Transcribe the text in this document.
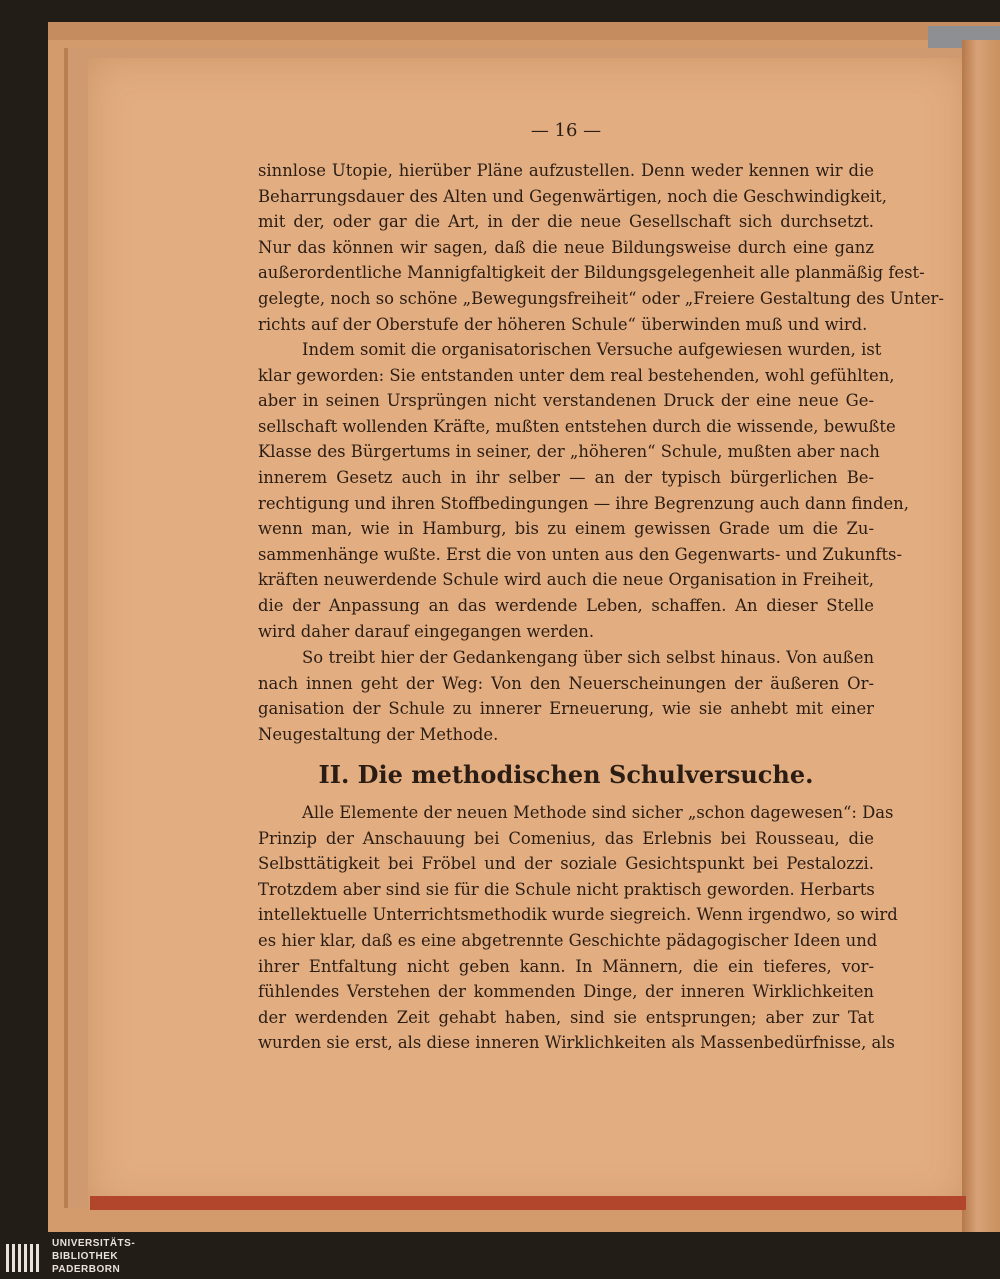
— 16 —
sinnlose Utopie, hierüber Pläne aufzustellen. Denn weder kennen wir die
Beharrungsdauer des Alten und Gegenwärtigen, noch die Geschwindigkeit,
mit der, oder gar die Art, in der die neue Gesellschaft sich durchsetzt.
Nur das können wir sagen, daß die neue Bildungsweise durch eine ganz
außerordentliche Mannigfaltigkeit der Bildungsgelegenheit alle planmäßig fest-
gelegte, noch so schöne „Bewegungsfreiheit“ oder „Freiere Gestaltung des Unter-
richts auf der Oberstufe der höheren Schule“ überwinden muß und wird.
Indem somit die organisatorischen Versuche aufgewiesen wurden, ist
klar geworden: Sie entstanden unter dem real bestehenden, wohl gefühlten,
aber in seinen Ursprüngen nicht verstandenen Druck der eine neue Ge-
sellschaft wollenden Kräfte, mußten entstehen durch die wissende, bewußte
Klasse des Bürgertums in seiner, der „höheren“ Schule, mußten aber nach
innerem Gesetz auch in ihr selber — an der typisch bürgerlichen Be-
rechtigung und ihren Stoffbedingungen — ihre Begrenzung auch dann finden,
wenn man, wie in Hamburg, bis zu einem gewissen Grade um die Zu-
sammenhänge wußte. Erst die von unten aus den Gegenwarts- und Zukunfts-
kräften neuwerdende Schule wird auch die neue Organisation in Freiheit,
die der Anpassung an das werdende Leben, schaffen. An dieser Stelle
wird daher darauf eingegangen werden.
So treibt hier der Gedankengang über sich selbst hinaus. Von außen
nach innen geht der Weg: Von den Neuerscheinungen der äußeren Or-
ganisation der Schule zu innerer Erneuerung, wie sie anhebt mit einer
Neugestaltung der Methode.
II. Die methodischen Schulversuche.
Alle Elemente der neuen Methode sind sicher „schon dagewesen“: Das
Prinzip der Anschauung bei Comenius, das Erlebnis bei Rousseau, die
Selbsttätigkeit bei Fröbel und der soziale Gesichtspunkt bei Pestalozzi.
Trotzdem aber sind sie für die Schule nicht praktisch geworden. Herbarts
intellektuelle Unterrichtsmethodik wurde siegreich. Wenn irgendwo, so wird
es hier klar, daß es eine abgetrennte Geschichte pädagogischer Ideen und
ihrer Entfaltung nicht geben kann. In Männern, die ein tieferes, vor-
fühlendes Verstehen der kommenden Dinge, der inneren Wirklichkeiten
der werdenden Zeit gehabt haben, sind sie entsprungen; aber zur Tat
wurden sie erst, als diese inneren Wirklichkeiten als Massenbedürfnisse, als
UNIVERSITÄTS-
BIBLIOTHEK
PADERBORN
